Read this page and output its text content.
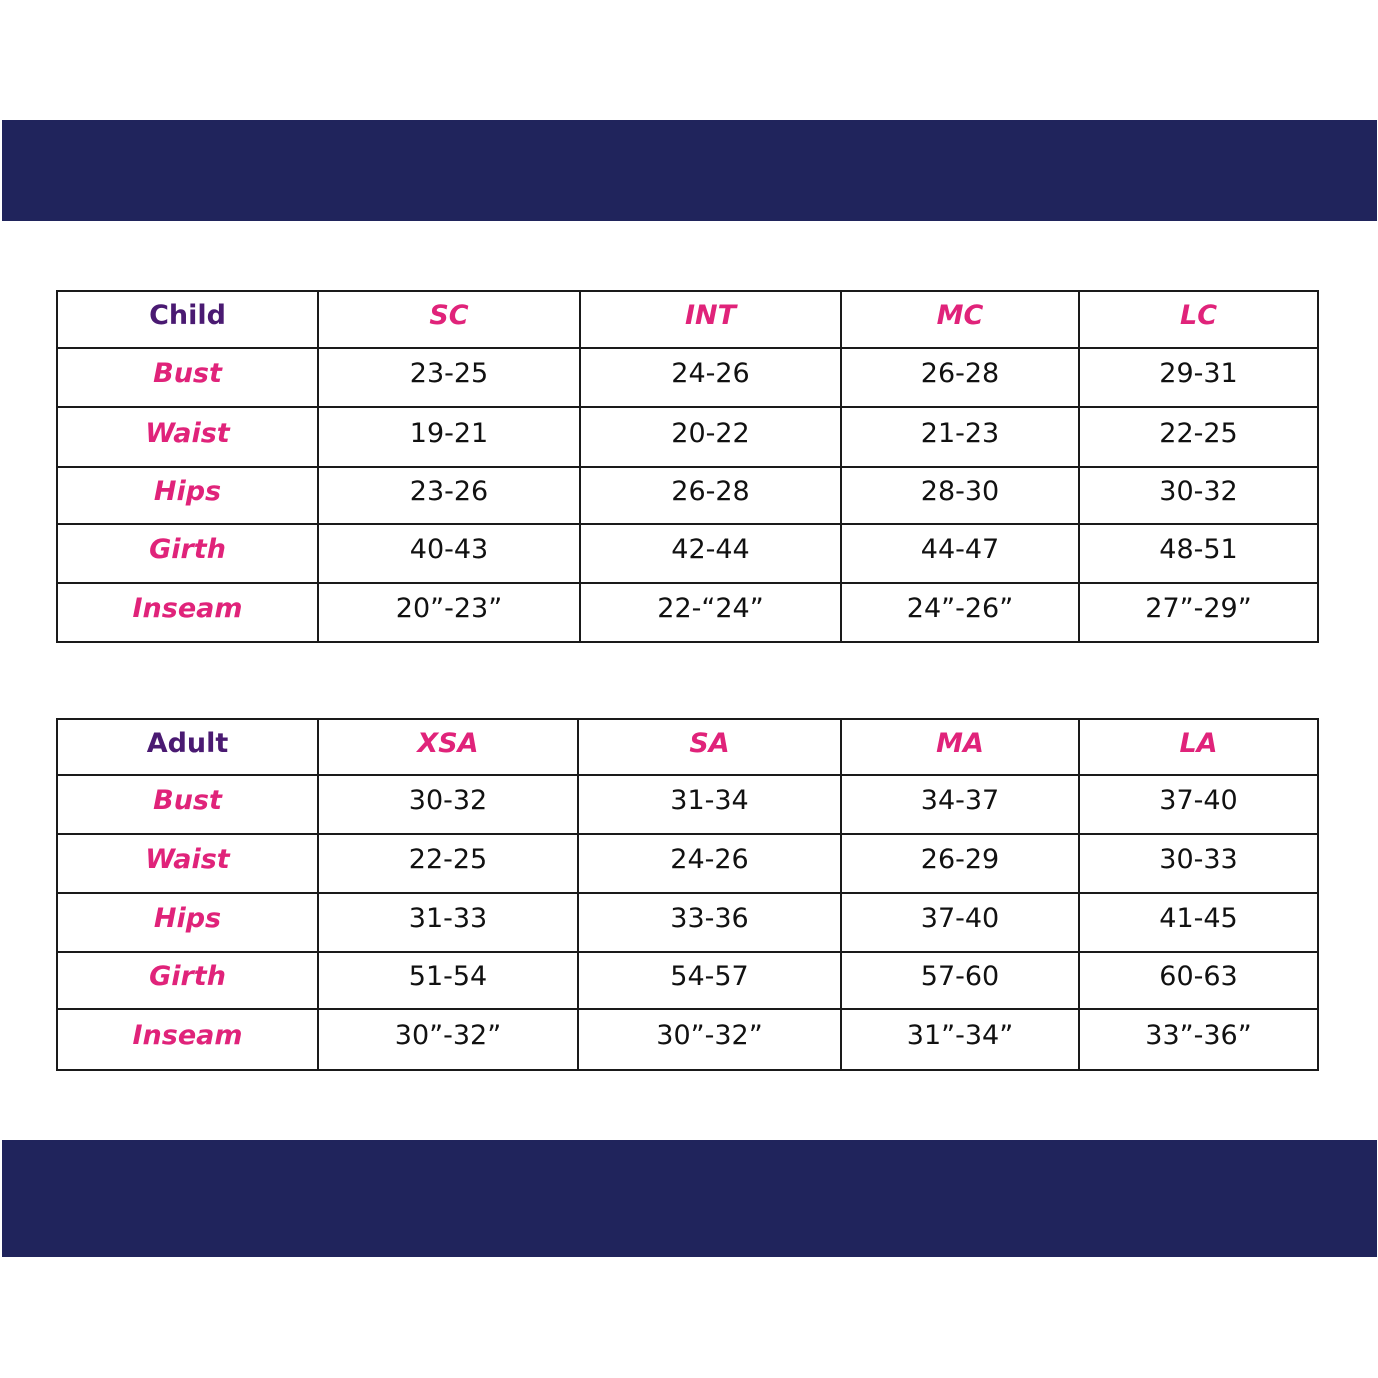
Child	SC	INT	MC	LC
Bust	23-25	24-26	26-28	29-31
Waist	19-21	20-22	21-23	22-25
Hips	23-26	26-28	28-30	30-32
Girth	40-43	42-44	44-47	48-51
Inseam	20”-23”	22-“24”	24”-26”	27”-29”
Adult	XSA	SA	MA	LA
Bust	30-32	31-34	34-37	37-40
Waist	22-25	24-26	26-29	30-33
Hips	31-33	33-36	37-40	41-45
Girth	51-54	54-57	57-60	60-63
Inseam	30”-32”	30”-32”	31”-34”	33”-36”
